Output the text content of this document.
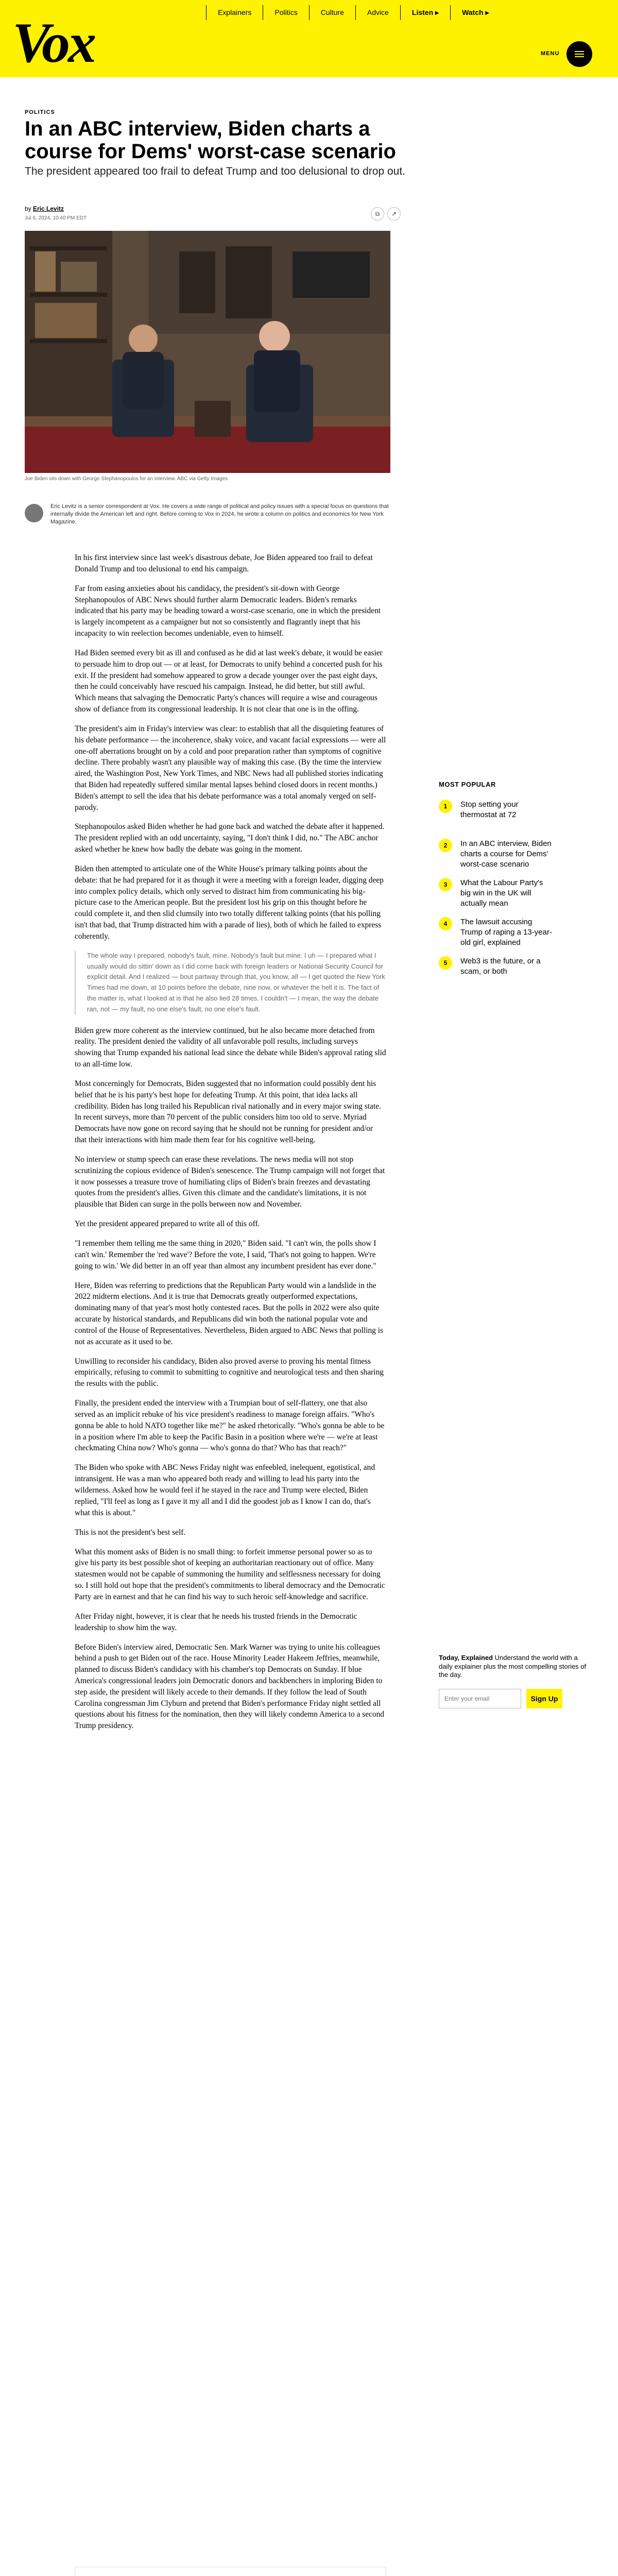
Vox	Explainers	Politics	Culture	Advice	Listen ▸	Watch ▸
MENU
POLITICS
In an ABC interview, Biden charts a course for Dems' worst-case scenario
The president appeared too frail to defeat Trump and too delusional to drop out.
by Eric Levitz
Jul 6, 2024, 10:40 PM EDT
⧉	↗
Joe Biden sits down with George Stephanopoulos for an interview. ABC via Getty Images
Eric Levitz is a senior correspondent at Vox. He covers a wide range of political and policy issues with a special focus on questions that internally divide the American left and right. Before coming to Vox in 2024, he wrote a column on politics and economics for New York Magazine.

In his first interview since last week's disastrous debate, Joe Biden appeared too frail to defeat Donald Trump and too delusional to end his campaign.

Far from easing anxieties about his candidacy, the president's sit-down with George Stephanopoulos of ABC News should further alarm Democratic leaders. Biden's remarks indicated that his party may be heading toward a worst-case scenario, one in which the president is largely incompetent as a campaigner but not so consistently and flagrantly inept that his incapacity to win reelection becomes undeniable, even to himself.

Had Biden seemed every bit as ill and confused as he did at last week's debate, it would be easier to persuade him to drop out — or at least, for Democrats to unify behind a concerted push for his exit. If the president had somehow appeared to grow a decade younger over the past eight days, then he could conceivably have rescued his campaign. Instead, he did better, but still awful. Which means that salvaging the Democratic Party's chances will require a wise and courageous show of defiance from its congressional leadership. It is not clear that one is in the offing.

The president's aim in Friday's interview was clear: to establish that all the disquieting features of his debate performance — the incoherence, shaky voice, and vacant facial expressions — were all one-off aberrations brought on by a cold and poor preparation rather than symptoms of cognitive decline. There probably wasn't any plausible way of making this case. (By the time the interview aired, the Washington Post, New York Times, and NBC News had all published stories indicating that Biden had repeatedly suffered similar mental lapses behind closed doors in recent months.) Biden's attempt to sell the idea that his debate performance was a total anomaly verged on self-parody.

Stephanopoulos asked Biden whether he had gone back and watched the debate after it happened. The president replied with an odd uncertainty, saying, "I don't think I did, no." The ABC anchor asked whether he knew how badly the debate was going in the moment.

Biden then attempted to articulate one of the White House's primary talking points about the debate: that he had prepared for it as though it were a meeting with a foreign leader, digging deep into complex policy details, which only served to distract him from communicating his big-picture case to the American people. But the president lost his grip on this thought before he could complete it, and then slid clumsily into two totally different talking points (that his polling isn't that bad, that Trump distracted him with a parade of lies), both of which he failed to express coherently.

The whole way I prepared, nobody's fault, mine. Nobody's fault but mine. I uh — I prepared what I usually would do sittin' down as I did come back with foreign leaders or National Security Council for explicit detail. And I realized — bout partway through that, you know, all — I get quoted the New York Times had me down, at 10 points before the debate, nine now, or whatever the hell it is. The fact of the matter is, what I looked at is that he also lied 28 times. I couldn't — I mean, the way the debate ran, not — my fault, no one else's fault, no one else's fault.

Biden grew more coherent as the interview continued, but he also became more detached from reality. The president denied the validity of all unfavorable poll results, including surveys showing that Trump expanded his national lead since the debate while Biden's approval rating slid to an all-time low.

Most concerningly for Democrats, Biden suggested that no information could possibly dent his belief that he is his party's best hope for defeating Trump. At this point, that idea lacks all credibility. Biden has long trailed his Republican rival nationally and in every major swing state. In recent surveys, more than 70 percent of the public considers him too old to serve. Myriad Democrats have now gone on record saying that he should not be running for president and/or that their interactions with him made them fear for his cognitive well-being.

No interview or stump speech can erase these revelations. The news media will not stop scrutinizing the copious evidence of Biden's senescence. The Trump campaign will not forget that it now possesses a treasure trove of humiliating clips of Biden's brain freezes and devastating quotes from the president's allies. Given this climate and the candidate's limitations, it is not plausible that Biden can surge in the polls between now and November.

Yet the president appeared prepared to write all of this off.

"I remember them telling me the same thing in 2020," Biden said. "I can't win, the polls show I can't win.' Remember the 'red wave'? Before the vote, I said, 'That's not going to happen. We're going to win.' We did better in an off year than almost any incumbent president has ever done."

Here, Biden was referring to predictions that the Republican Party would win a landslide in the 2022 midterm elections. And it is true that Democrats greatly outperformed expectations, dominating many of that year's most hotly contested races. But the polls in 2022 were also quite accurate by historical standards, and Republicans did win both the national popular vote and control of the House of Representatives. Nevertheless, Biden argued to ABC News that polling is not as accurate as it used to be.

Unwilling to reconsider his candidacy, Biden also proved averse to proving his mental fitness empirically, refusing to commit to submitting to cognitive and neurological tests and then sharing the results with the public.

Finally, the president ended the interview with a Trumpian bout of self-flattery, one that also served as an implicit rebuke of his vice president's readiness to manage foreign affairs. "Who's gonna be able to hold NATO together like me?" he asked rhetorically. "Who's gonna be able to be in a position where I'm able to keep the Pacific Basin in a position where we're — we're at least checkmating China now? Who's gonna — who's gonna do that? Who has that reach?"

The Biden who spoke with ABC News Friday night was enfeebled, inelequent, egotistical, and intransigent. He was a man who appeared both ready and willing to lead his party into the wilderness. Asked how he would feel if he stayed in the race and Trump were elected, Biden replied, "I'll feel as long as I gave it my all and I did the goodest job as I know I can do, that's what this is about."

This is not the president's best self.

What this moment asks of Biden is no small thing: to forfeit immense personal power so as to give his party its best possible shot of keeping an authoritarian reactionary out of office. Many statesmen would not be capable of summoning the humility and selflessness necessary for doing so. I still hold out hope that the president's commitments to liberal democracy and the Democratic Party are in earnest and that he can find his way to such heroic self-knowledge and sacrifice.

After Friday night, however, it is clear that he needs his trusted friends in the Democratic leadership to show him the way.

Before Biden's interview aired, Democratic Sen. Mark Warner was trying to unite his colleagues behind a push to get Biden out of the race. House Minority Leader Hakeem Jeffries, meanwhile, planned to discuss Biden's candidacy with his chamber's top Democrats on Sunday. If blue America's congressional leaders join Democratic donors and backbenchers in imploring Biden to step aside, the president will likely accede to their demands. If they follow the lead of South Carolina congressman Jim Clyburn and pretend that Biden's performance Friday night settled all questions about his fitness for the nomination, then they will likely condemn America to a second Trump presidency.

MOST POPULAR
1	Stop setting your thermostat at 72
2	In an ABC interview, Biden charts a course for Dems' worst-case scenario
3	What the Labour Party's big win in the UK will actually mean
4	The lawsuit accusing Trump of raping a 13-year-old girl, explained
5	Web3 is the future, or a scam, or both
Today, Explained Understand the world with a daily explainer plus the most compelling stories of the day.
Enter your email	Sign Up
